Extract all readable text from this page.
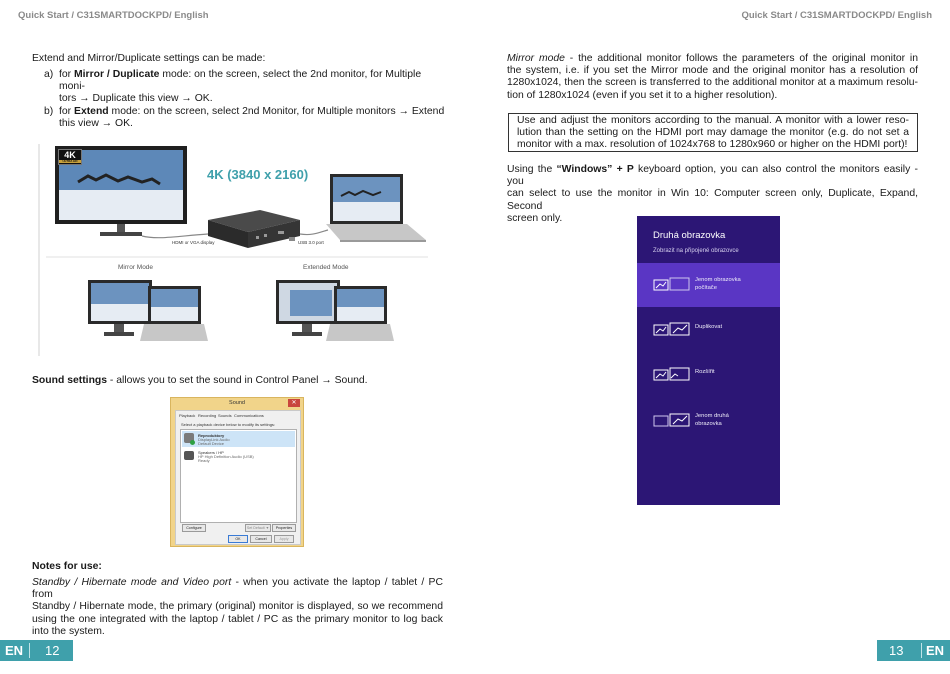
Quick Start / C31SMARTDOCKPD/ English	Quick Start / C31SMARTDOCKPD/ English
Extend and Mirror/Duplicate settings can be made:
a) for Mirror / Duplicate mode: on the screen, select the 2nd monitor, for Multiple moni-
tors → Duplicate this view → OK.
b) for Extend mode: on the screen, select 2nd Monitor, for Multiple monitors → Extend
this view → OK.
4K
ULTRA HD
4K (3840 x 2160)
HDMI or VGA display	USB 3.0 port
Mirror Mode	Extended Mode
Sound settings - allows you to set the sound in Control Panel → Sound.
Sound	✕
Playback Recording Sounds Communications
Select a playback device below to modify its settings:
Reproduktory
DisplayLink Audio
Default Device
Speakers / HP
HP High Definition Audio (USB)
Ready
Configure	Set Default ▼	Properties
OK	Cancel	Apply
Notes for use:
Standby / Hibernate mode and Video port - when you activate the laptop / tablet / PC from
Standby / Hibernate mode, the primary (original) monitor is displayed, so we recommend
using the one integrated with the laptop / tablet / PC as the primary monitor to log back
into the system.
EN 12
Mirror mode - the additional monitor follows the parameters of the original monitor in
the system, i.e. if you set the Mirror mode and the original monitor has a resolution of
1280x1024, then the screen is transferred to the additional monitor at a maximum resolu-
tion of 1280x1024 (even if you set it to a higher resolution).
Use and adjust the monitors according to the manual. A monitor with a lower reso-
lution than the setting on the HDMI port may damage the monitor (e.g. do not set a
monitor with a max. resolution of 1024x768 to 1280x960 or higher on the HDMI port)!
Using the “Windows” + P keyboard option, you can also control the monitors easily - you
can select to use the monitor in Win 10: Computer screen only, Duplicate, Expand, Second
screen only.
Druhá obrazovka
Zobrazit na připojené obrazovce
Jenom obrazovka
počítače
Duplikovat
Rozšířit
Jenom druhá
obrazovka
13 EN
